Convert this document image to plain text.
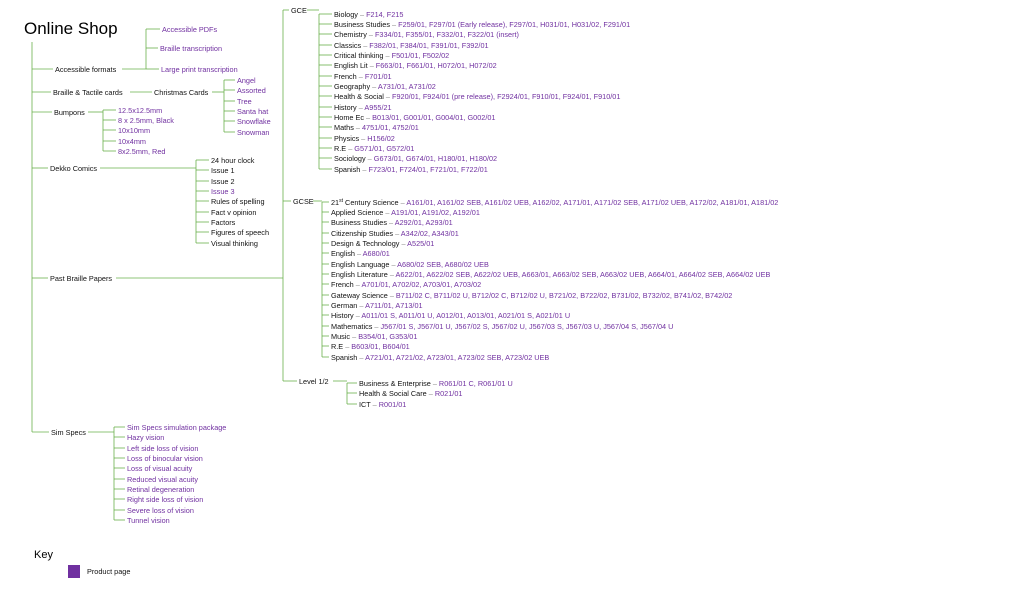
Online Shop
Accessible formats
Accessible PDFs
Braille transcription
Large print transcription
Braille & Tactile cards	Christmas Cards
Angel
Assorted
Tree
Santa hat
Snowflake
Snowman
Bumpons	12.5x12.5mm
8 x 2.5mm, Black
10x10mm
10x4mm
8x2.5mm, Red
Dekko Comics
24 hour clock
Issue 1
Issue 2
Issue 3
Rules of spelling
Fact v opinion
Factors
Figures of speech
Visual thinking
Past Braille Papers
Sim Specs
Sim Specs simulation package
Hazy vision
Left side loss of vision
Loss of binocular vision
Loss of visual acuity
Reduced visual acuity
Retinal degeneration
Right side loss of vision
Severe loss of vision
Tunnel vision
GCE
GCSE
Level 1/2
Biology – F214, F215
Business Studies – F259/01, F297/01 (Early release), F297/01, H031/01, H031/02, F291/01
Chemistry – F334/01, F355/01, F332/01, F322/01 (insert)
Classics – F382/01, F384/01, F391/01, F392/01
Critical thinking – F501/01, F502/02
English Lit – F663/01, F661/01, H072/01, H072/02
French – F701/01
Geography – A731/01, A731/02
Health & Social – F920/01, F924/01 (pre release), F2924/01, F910/01, F924/01, F910/01
History – A955/21
Home Ec – B013/01, G001/01, G004/01, G002/01
Maths – 4751/01, 4752/01
Physics – H156/02
R.E – G571/01, G572/01
Sociology – G673/01, G674/01, H180/01, H180/02
Spanish – F723/01, F724/01, F721/01, F722/01
21st Century Science – A161/01, A161/02 SEB, A161/02 UEB, A162/02, A171/01, A171/02 SEB, A171/02 UEB, A172/02, A181/01, A181/02
Applied Science – A191/01, A191/02, A192/01
Business Studies – A292/01, A293/01
Citizenship Studies – A342/02, A343/01
Design & Technology – A525/01
English – A680/01
English Language – A680/02 SEB, A680/02 UEB
English Literature – A622/01, A622/02 SEB, A622/02 UEB, A663/01, A663/02 SEB, A663/02 UEB, A664/01, A664/02 SEB, A664/02 UEB
French – A701/01, A702/02, A703/01, A703/02
Gateway Science – B711/02 C, B711/02 U, B712/02 C, B712/02 U, B721/02, B722/02, B731/02, B732/02, B741/02, B742/02
German – A711/01, A713/01
History – A011/01 S, A011/01 U, A012/01, A013/01, A021/01 S, A021/01 U
Mathematics – J567/01 S, J567/01 U, J567/02 S, J567/02 U, J567/03 S, J567/03 U, J567/04 S, J567/04 U
Music – B354/01, G353/01
R.E – B603/01, B604/01
Spanish – A721/01, A721/02, A723/01, A723/02 SEB, A723/02 UEB
Business & Enterprise – R061/01 C, R061/01 U
Health & Social Care – R021/01
ICT – R001/01
Key
Product page
